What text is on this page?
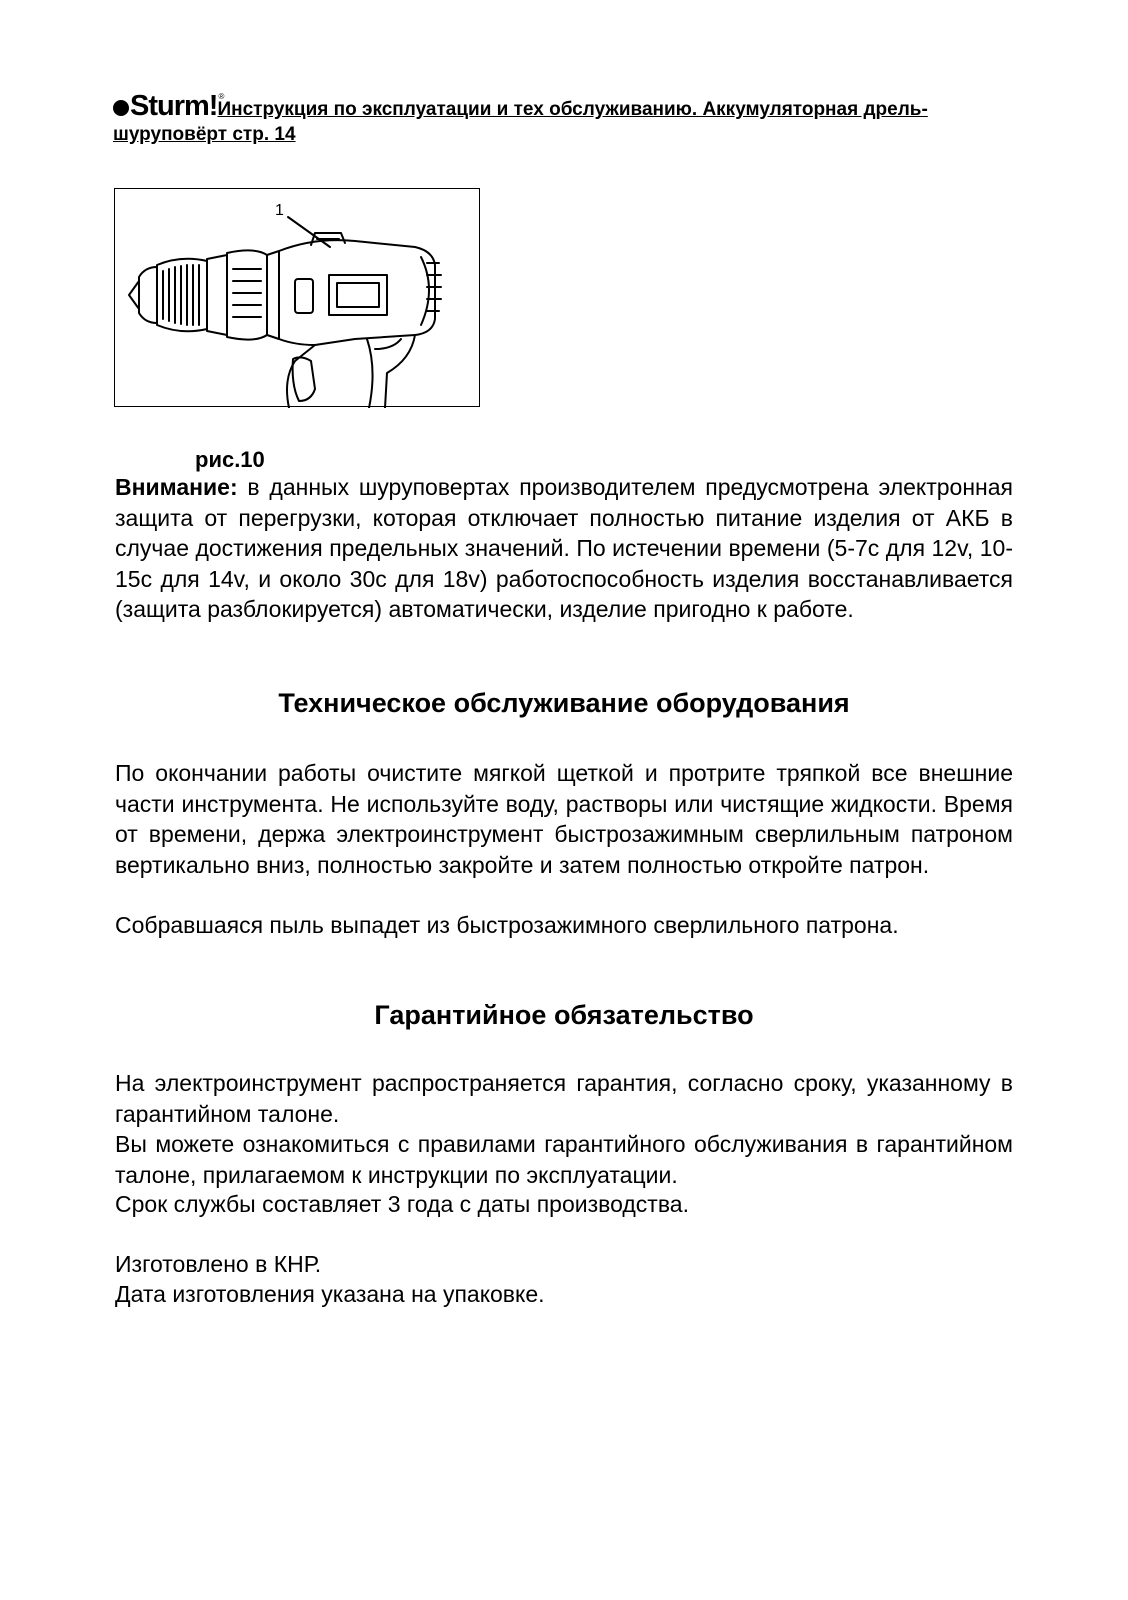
Sturm! ®
Инструкция по эксплуатации и тех обслуживанию. Аккумуляторная дрель-шуруповёрт стр. 14
1
рис.10
Внимание: в данных шуруповертах производителем предусмотрена электронная защита от перегрузки, которая отключает полностью питание изделия от АКБ в случае достижения предельных значений. По истечении времени (5-7с для 12v, 10-15с для 14v, и около 30с для 18v) работоспособность изделия восстанавливается (защита разблокируется) автоматически, изделие пригодно к работе.
Техническое обслуживание оборудования
По окончании работы очистите мягкой щеткой и протрите тряпкой все внешние части инструмента. Не используйте воду, растворы или чистящие жидкости. Время от времени, держа электроинструмент быстрозажимным сверлильным патроном вертикально вниз, полностью закройте и затем полностью откройте патрон.
Собравшаяся пыль выпадет из быстрозажимного сверлильного патрона.
Гарантийное обязательство
На электроинструмент распространяется гарантия, согласно сроку, указанному в гарантийном талоне.
Вы можете ознакомиться с правилами гарантийного обслуживания в гарантийном талоне, прилагаемом к инструкции по эксплуатации.
Срок службы составляет 3 года с даты производства.
Изготовлено в КНР.
Дата изготовления указана на упаковке.
